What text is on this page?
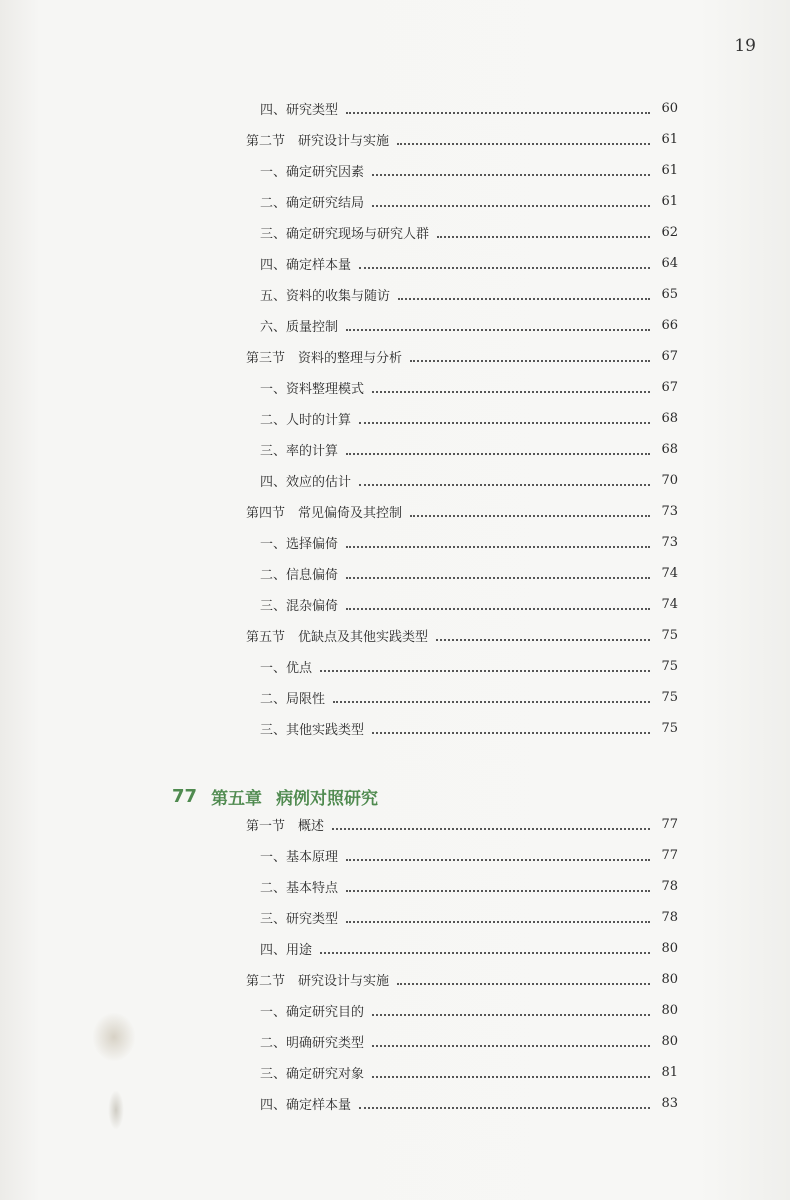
19
四、研究类型	60
第二节　研究设计与实施	61
一、确定研究因素	61
二、确定研究结局	61
三、确定研究现场与研究人群	62
四、确定样本量	64
五、资料的收集与随访	65
六、质量控制	66
第三节　资料的整理与分析	67
一、资料整理模式	67
二、人时的计算	68
三、率的计算	68
四、效应的估计	70
第四节　常见偏倚及其控制	73
一、选择偏倚	73
二、信息偏倚	74
三、混杂偏倚	74
第五节　优缺点及其他实践类型	75
一、优点	75
二、局限性	75
三、其他实践类型	75
77 第五章 病例对照研究
第一节　概述	77
一、基本原理	77
二、基本特点	78
三、研究类型	78
四、用途	80
第二节　研究设计与实施	80
一、确定研究目的	80
二、明确研究类型	80
三、确定研究对象	81
四、确定样本量	83
